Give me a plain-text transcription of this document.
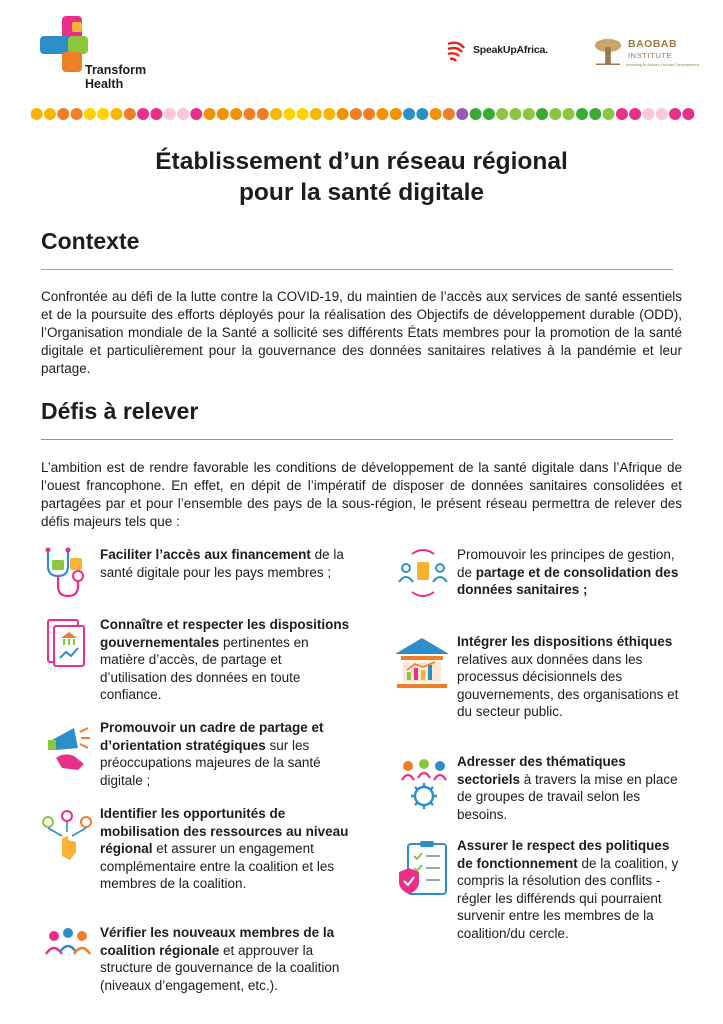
Transform
Health
SpeakUpAfrica.	BAOBAB
INSTITUTE
Investing in Africa's Human Development
Établissement d’un réseau régional
pour la santé digitale
Contexte
Confrontée au défi de la lutte contre la COVID-19, du maintien de l’accès aux services de santé essentiels et de la poursuite des efforts déployés pour la réalisation des Objectifs de développement durable (ODD), l’Organisation mondiale de la Santé a sollicité ses différents États membres pour la promotion de la santé digitale et particulièrement pour la gouvernance des données sanitaires relatives à la pandémie et leur partage.
Défis à relever
L’ambition est de rendre favorable les conditions de développement de la santé digitale dans l’Afrique de l’ouest francophone. En effet, en dépit de l’impératif de disposer de données sanitaires consolidées et partagées par et pour l’ensemble des pays de la sous-région, le présent réseau permettra de relever des défis majeurs tels que :
Faciliter l’accès aux financement de la santé digitale pour les pays membres ;
Connaître et respecter les dispositions gouvernementales pertinentes en matière d’accès, de partage et d’utilisation des données en toute confiance.
Promouvoir un cadre de partage et d’orientation stratégiques sur les préoccupations majeures de la santé digitale ;
Identifier les opportunités de mobilisation des ressources au niveau régional et assurer un engagement complémentaire entre la coalition et les membres de la coalition.
Vérifier les nouveaux membres de la coalition régionale et approuver la structure de gouvernance de la coalition (niveaux d’engagement, etc.).
Promouvoir les principes de gestion, de partage et de consolidation des données sanitaires ;
Intégrer les dispositions éthiques relatives aux données dans les processus décisionnels des gouvernements, des organisations et du secteur public.
Adresser des thématiques sectoriels à travers la mise en place de groupes de travail selon les besoins.
Assurer le respect des politiques de fonctionnement de la coalition, y compris la résolution des conflits - régler les différends qui pourraient survenir entre les membres de la coalition/du cercle.
